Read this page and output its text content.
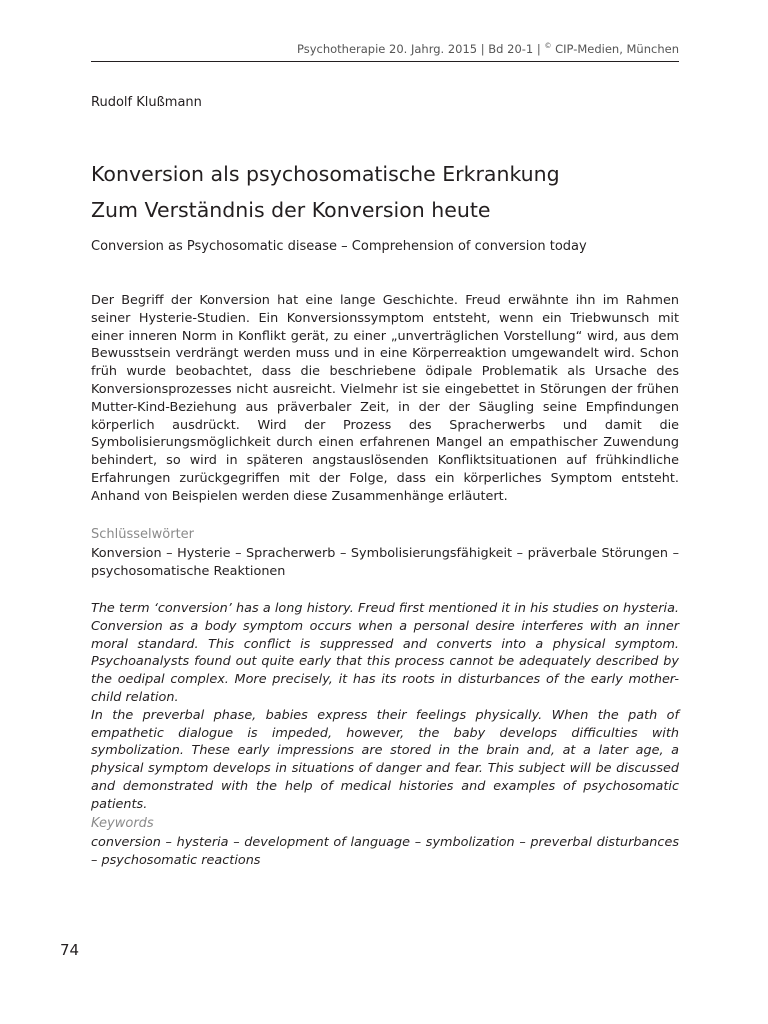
Psychotherapie 20. Jahrg. 2015 | Bd 20-1 | © CIP-Medien, München
Rudolf Klußmann
Konversion als psychosomatische Erkrankung
Zum Verständnis der Konversion heute
Conversion as Psychosomatic disease – Comprehension of conversion today

Der Begriff der Konversion hat eine lange Geschichte. Freud erwähnte ihn im Rahmen seiner Hysterie-Studien. Ein Konversionssymptom entsteht, wenn ein Triebwunsch mit einer inneren Norm in Konflikt gerät, zu einer „unverträglichen Vorstellung“ wird, aus dem Bewusstsein verdrängt werden muss und in eine Körperreaktion umgewandelt wird. Schon früh wurde beobachtet, dass die beschriebene ödipale Problematik als Ursache des Konversionsprozesses nicht ausreicht. Vielmehr ist sie eingebettet in Störungen der frühen Mutter-Kind-Beziehung aus präverbaler Zeit, in der der Säugling seine Empfindungen körperlich ausdrückt. Wird der Prozess des Spracherwerbs und damit die Symbolisierungsmöglichkeit durch einen erfahrenen Mangel an empathischer Zuwendung behindert, so wird in späteren angstauslösenden Konfliktsituationen auf frühkindliche Erfahrungen zurückgegriffen mit der Folge, dass ein körperliches Symptom entsteht. Anhand von Beispielen werden diese Zusammenhänge erläutert.

Schlüsselwörter

Konversion – Hysterie – Spracherwerb – Symbolisierungsfähigkeit – präverbale Störungen – psychosomatische Reaktionen

The term ‘conversion’ has a long history. Freud first mentioned it in his studies on hysteria. Conversion as a body symptom occurs when a personal desire interferes with an inner moral standard. This conflict is suppressed and converts into a physical symptom. Psychoanalysts found out quite early that this process cannot be adequately described by the oedipal complex. More precisely, it has its roots in disturbances of the early mother-child relation.

In the preverbal phase, babies express their feelings physically. When the path of empathetic dialogue is impeded, however, the baby develops difficulties with symbolization. These early impressions are stored in the brain and, at a later age, a physical symptom develops in situations of danger and fear. This subject will be discussed and demonstrated with the help of medical histories and examples of psychosomatic patients.

Keywords

conversion – hysteria – development of language – symbolization – preverbal disturbances – psychosomatic reactions

74
